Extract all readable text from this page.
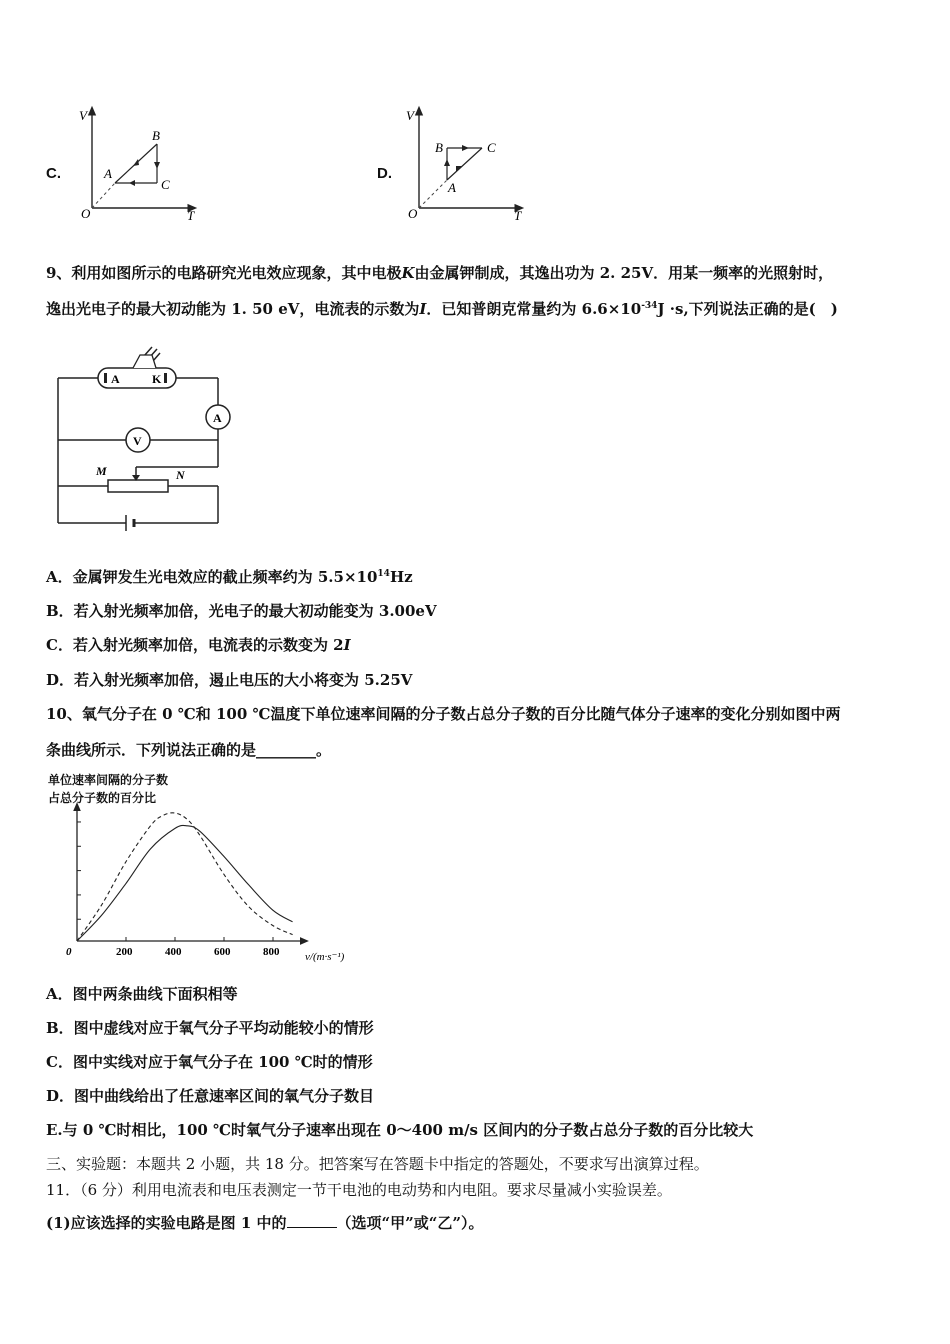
C.
V
T
O
A
B
C
D.
V
T
O
A
B	C
9、利用如图所示的电路研究光电效应现象，其中电极K由金属钾制成，其逸出功为 2. 25V．用某一频率的光照射时，
逸出光电子的最大初动能为 1. 50 eV，电流表的示数为I．已知普朗克常量约为 $6.6\times 10^{-34}J \cdot s$,下列说法正确的是(　)
A	K
A
V
M	N
A．金属钾发生光电效应的截止频率约为 $5.5\times 10^{14}Hz$
B．若入射光频率加倍，光电子的最大初动能变为 3.00eV
C．若入射光频率加倍，电流表的示数变为 2I
D．若入射光频率加倍，遏止电压的大小将变为 5.25V
10、氧气分子在 0 ℃和 100 ℃温度下单位速率间隔的分子数占总分子数的百分比随气体分子速率的变化分别如图中两
条曲线所示．下列说法正确的是________。
单位速率间隔的分子数
占总分子数的百分比
0	200	400	600	800 v/(m·s⁻¹)
A．图中两条曲线下面积相等
B．图中虚线对应于氧气分子平均动能较小的情形
C．图中实线对应于氧气分子在 100 ℃时的情形
D．图中曲线给出了任意速率区间的氧气分子数目
E.与 0 ℃时相比，100 ℃时氧气分子速率出现在 0～400 m/s 区间内的分子数占总分子数的百分比较大
三、实验题：本题共 2 小题，共 18 分。把答案写在答题卡中指定的答题处，不要求写出演算过程。
11．（6 分）利用电流表和电压表测定一节干电池的电动势和内电阻。要求尽量减小实验误差。
(1)应该选择的实验电路是图 1 中的	（选项“甲”或“乙”）。
